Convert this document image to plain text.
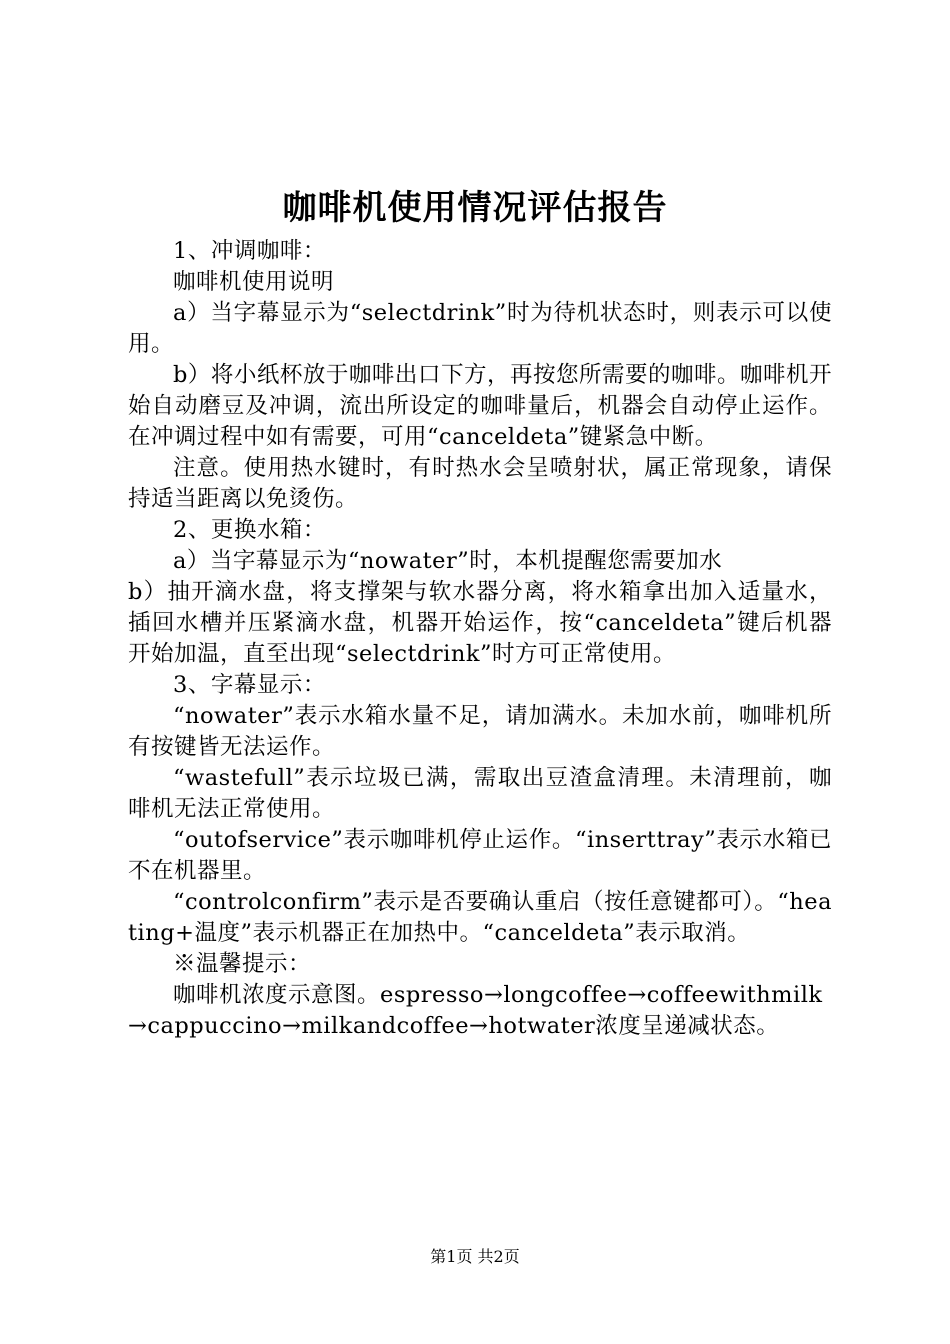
咖啡机使用情况评估报告

1、冲调咖啡：

咖啡机使用说明

a）当字幕显示为“selectdrink”时为待机状态时，则表示可以使用。

b）将小纸杯放于咖啡出口下方，再按您所需要的咖啡。咖啡机开始自动磨豆及冲调，流出所设定的咖啡量后，机器会自动停止运作。在冲调过程中如有需要，可用“canceldeta”键紧急中断。

注意。使用热水键时，有时热水会呈喷射状，属正常现象，请保持适当距离以免烫伤。

2、更换水箱：

a）当字幕显示为“nowater”时，本机提醒您需要加水

b）抽开滴水盘，将支撑架与软水器分离，将水箱拿出加入适量水，插回水槽并压紧滴水盘，机器开始运作，按“canceldeta”键后机器开始加温，直至出现“selectdrink”时方可正常使用。

3、字幕显示：

“nowater”表示水箱水量不足，请加满水。未加水前，咖啡机所有按键皆无法运作。

“wastefull”表示垃圾已满，需取出豆渣盒清理。未清理前，咖啡机无法正常使用。

“outofservice”表示咖啡机停止运作。“inserttray”表示水箱已不在机器里。

“controlconfirm”表示是否要确认重启（按任意键都可）。“heating+温度”表示机器正在加热中。“canceldeta”表示取消。

※温馨提示：

咖啡机浓度示意图。espresso→longcoffee→coffeewithmilk→cappuccino→milkandcoffee→hotwater浓度呈递减状态。

第1页 共2页
